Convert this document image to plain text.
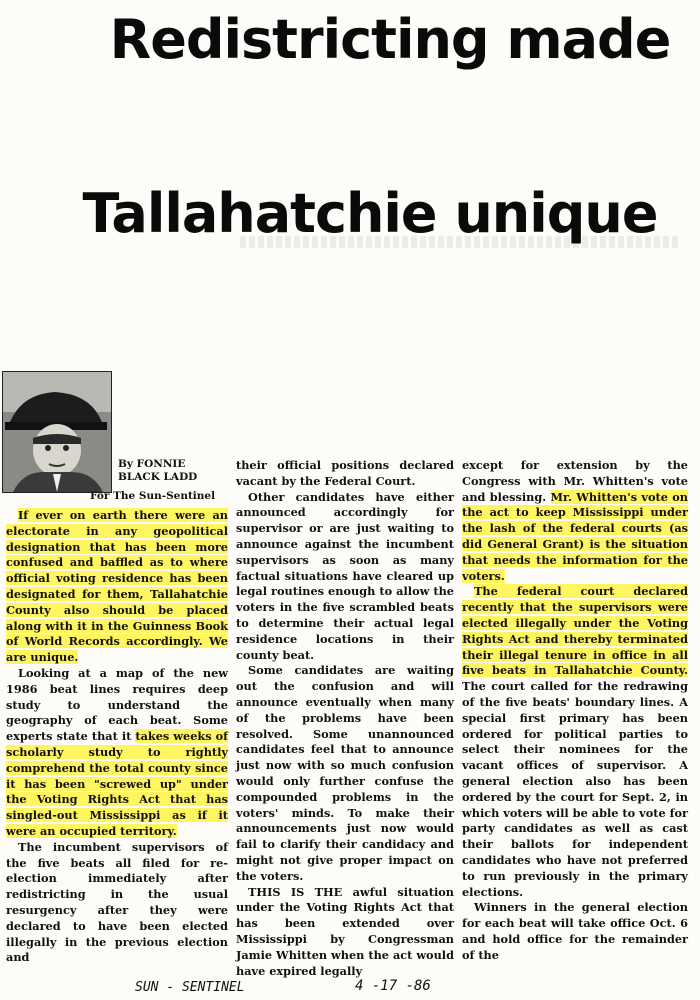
Redistricting made
Tallahatchie unique
By FONNIE BLACK LADD
For The Sun-Sentinel

If ever on earth there were an electorate in any geopolitical designation that has been more confused and baffled as to where official voting residence has been designated for them, Tallahatchie County also should be placed along with it in the Guinness Book of World Records accordingly. We are unique.

Looking at a map of the new 1986 beat lines requires deep study to understand the geography of each beat. Some experts state that it takes weeks of scholarly study to rightly comprehend the total county since it has been "screwed up" under the Voting Rights Act that has singled-out Mississippi as if it were an occupied territory.

The incumbent supervisors of the five beats all filed for re-election immediately after redistricting in the usual resurgency after they were declared to have been elected illegally in the previous election and

their official positions declared vacant by the Federal Court.

Other candidates have either announced accordingly for supervisor or are just waiting to announce against the incumbent supervisors as soon as many factual situations have cleared up legal routines enough to allow the voters in the five scrambled beats to determine their actual legal residence locations in their county beat.

Some candidates are waiting out the confusion and will announce eventually when many of the problems have been resolved. Some unannounced candidates feel that to announce just now with so much confusion would only further confuse the compounded problems in the voters' minds. To make their announcements just now would fail to clarify their candidacy and might not give proper impact on the voters.

THIS IS THE awful situation under the Voting Rights Act that has been extended over Mississippi by Congressman Jamie Whitten when the act would have expired legally

except for extension by the Congress with Mr. Whitten's vote and blessing. Mr. Whitten's vote on the act to keep Mississippi under the lash of the federal courts (as did General Grant) is the situation that needs the information for the voters.

The federal court declared recently that the supervisors were elected illegally under the Voting Rights Act and thereby terminated their illegal tenure in office in all five beats in Tallahatchie County. The court called for the redrawing of the five beats' boundary lines. A special first primary has been ordered for political parties to select their nominees for the vacant offices of supervisor. A general election also has been ordered by the court for Sept. 2, in which voters will be able to vote for party candidates as well as cast their ballots for independent candidates who have not preferred to run previously in the primary elections.

Winners in the general election for each beat will take office Oct. 6 and hold office for the remainder of the

SUN - SENTINEL	4 -17 -86
